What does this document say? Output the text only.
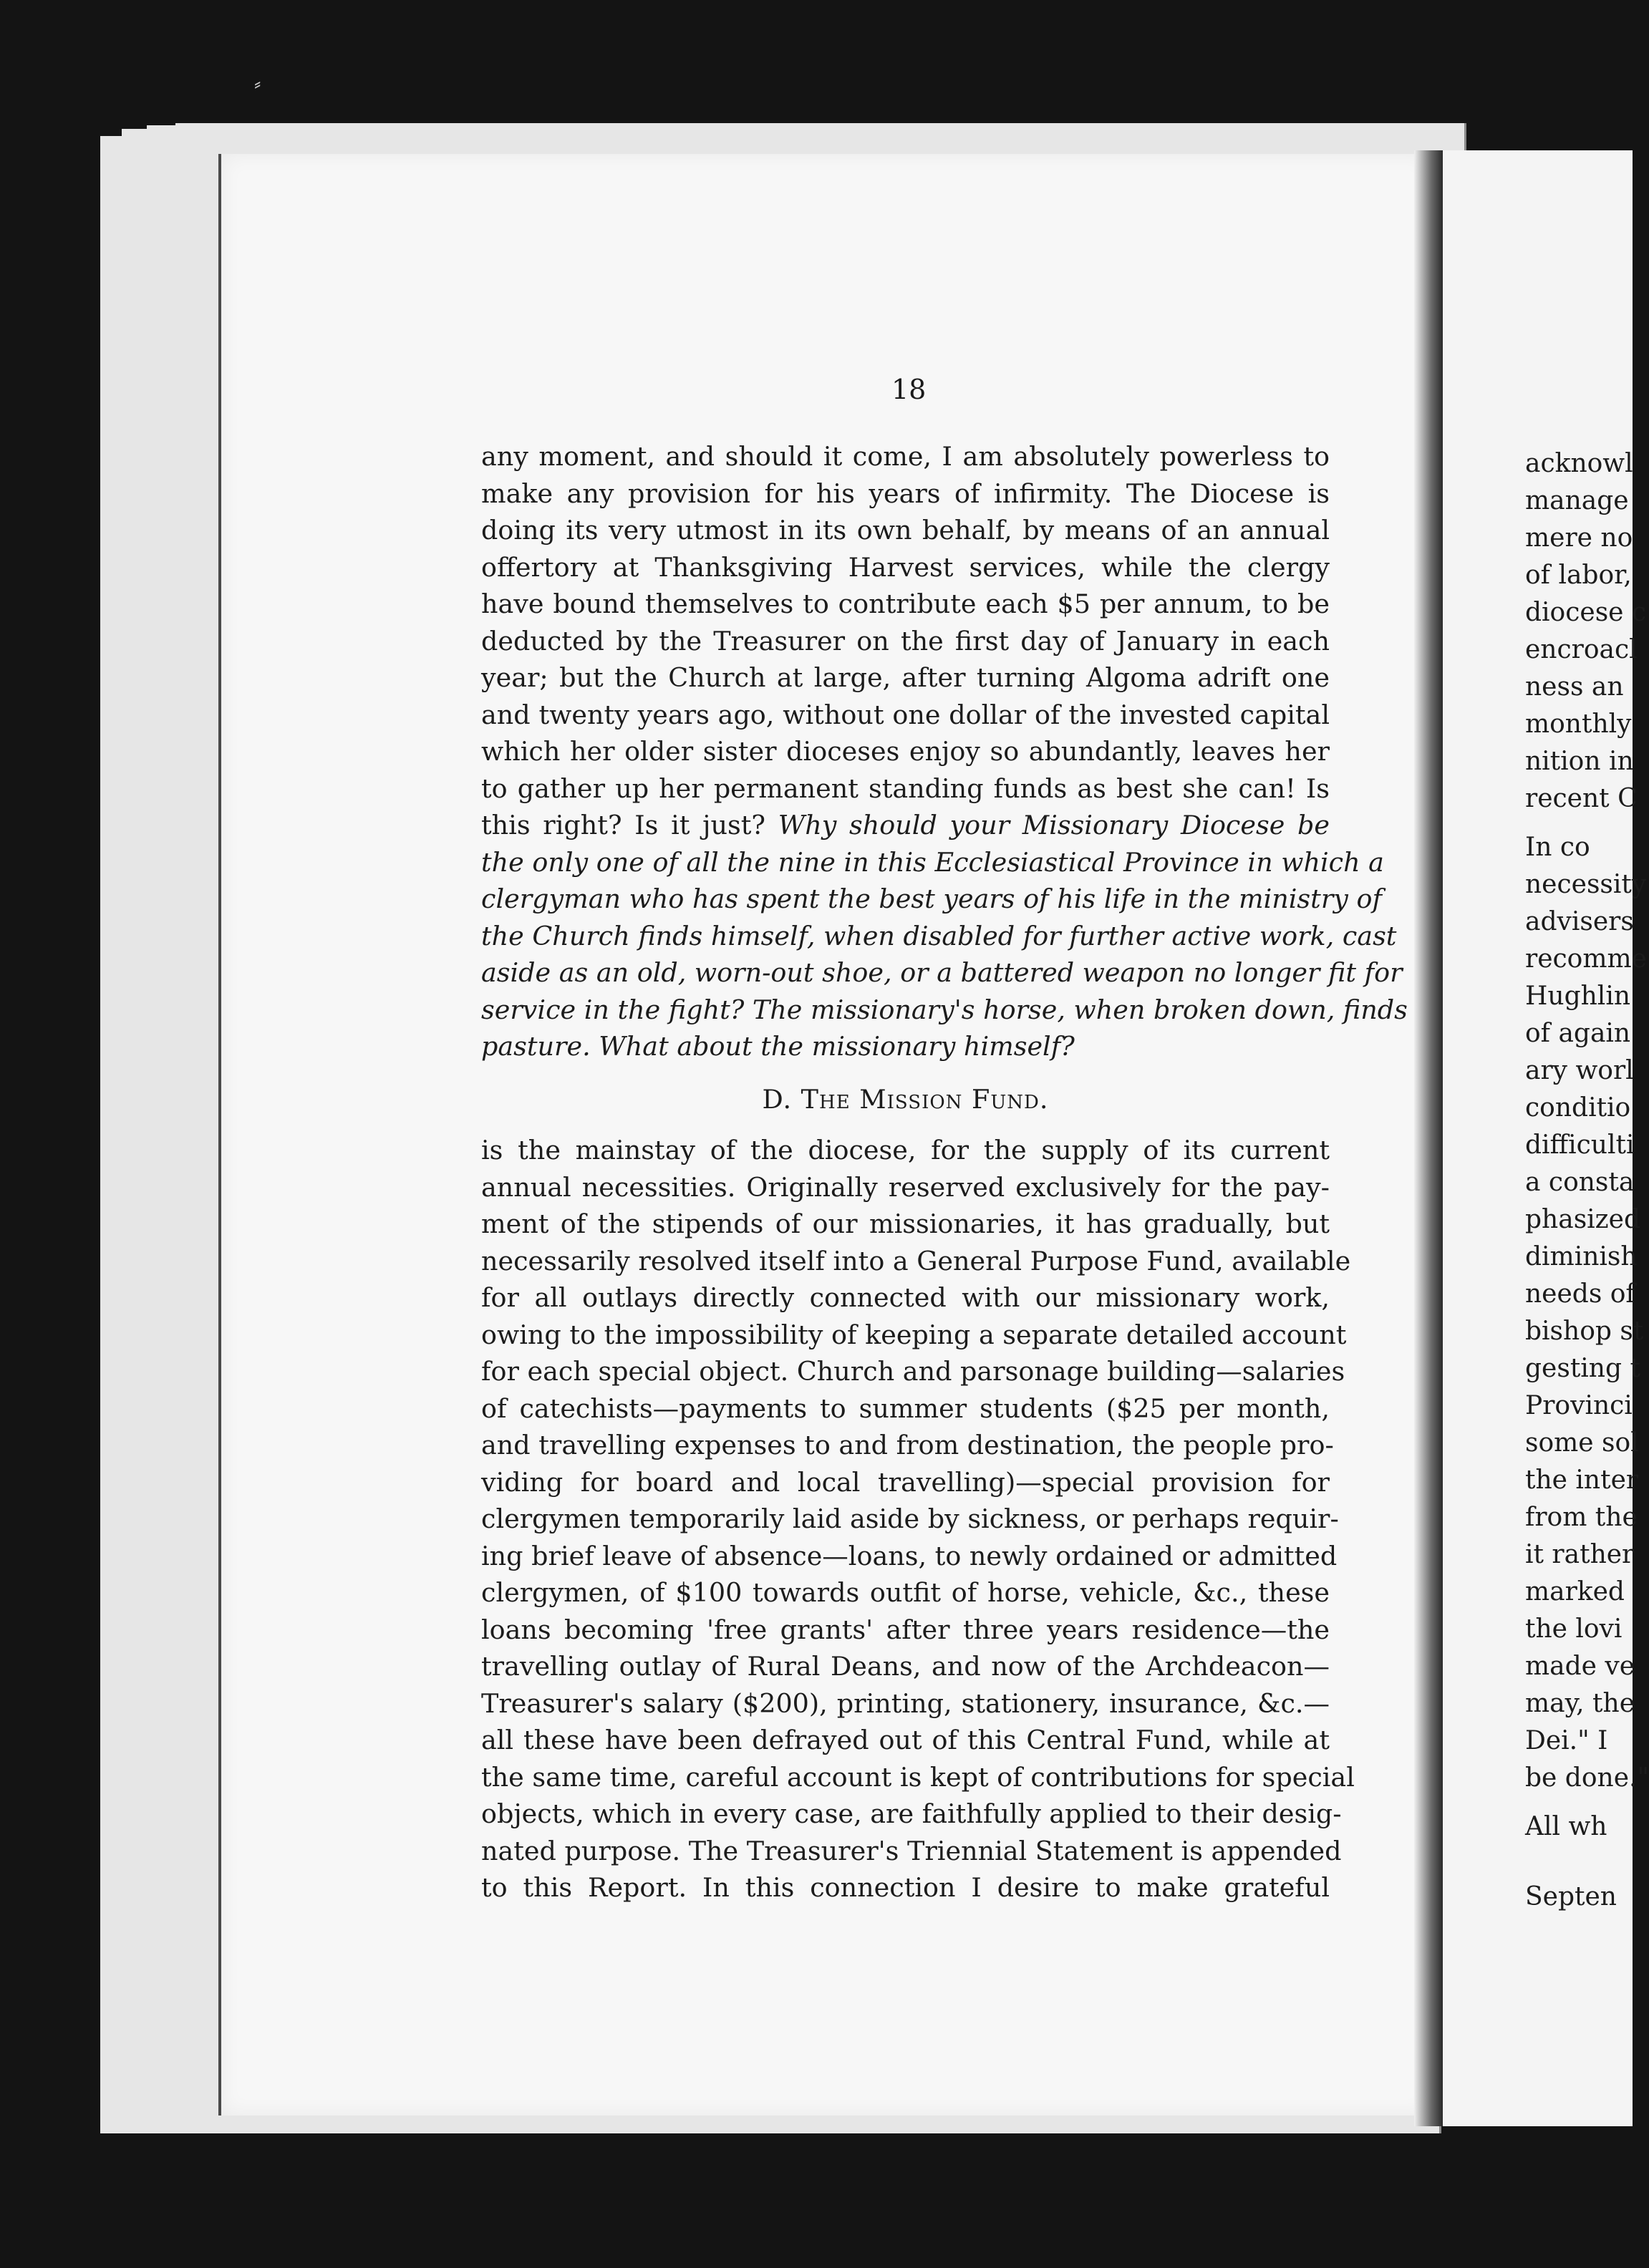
18
any moment, and should it come, I am absolutely powerless to
make any provision for his years of infirmity. The Diocese is
doing its very utmost in its own behalf, by means of an annual
offertory at Thanksgiving Harvest services, while the clergy
have bound themselves to contribute each $5 per annum, to be
deducted by the Treasurer on the first day of January in each
year; but the Church at large, after turning Algoma adrift one
and twenty years ago, without one dollar of the invested capital
which her older sister dioceses enjoy so abundantly, leaves her
to gather up her permanent standing funds as best she can! Is
this right? Is it just? Why should your Missionary Diocese be
the only one of all the nine in this Ecclesiastical Province in which a
clergyman who has spent the best years of his life in the ministry of
the Church finds himself, when disabled for further active work, cast
aside as an old, worn-out shoe, or a battered weapon no longer fit for
service in the fight? The missionary's horse, when broken down, finds
pasture. What about the missionary himself?
D. The Mission Fund.
is the mainstay of the diocese, for the supply of its current
annual necessities. Originally reserved exclusively for the pay-
ment of the stipends of our missionaries, it has gradually, but
necessarily resolved itself into a General Purpose Fund, available
for all outlays directly connected with our missionary work,
owing to the impossibility of keeping a separate detailed account
for each special object. Church and parsonage building—salaries
of catechists—payments to summer students ($25 per month,
and travelling expenses to and from destination, the people pro-
viding for board and local travelling)—special provision for
clergymen temporarily laid aside by sickness, or perhaps requir-
ing brief leave of absence—loans, to newly ordained or admitted
clergymen, of $100 towards outfit of horse, vehicle, &c., these
loans becoming 'free grants' after three years residence—the
travelling outlay of Rural Deans, and now of the Archdeacon—
Treasurer's salary ($200), printing, stationery, insurance, &c.—
all these have been defrayed out of this Central Fund, while at
the same time, careful account is kept of contributions for special
objects, which in every case, are faithfully applied to their desig-
nated purpose. The Treasurer's Triennial Statement is appended
to this Report. In this connection I desire to make grateful
acknowl
manage
mere no
of labor,
diocese c
encroacl
ness an
monthly
nition in
recent C
In co
necessity
advisers
recomme
Hughlin
of again
ary worl
conditio
difficulti
a consta
phasized
diminish
needs of
bishop st
gesting t
Provinci
some sol
the inter
from the
it rather
marked
the lovi
made ve
may, the
Dei." I
be done."
All wh
Septen
⸗
